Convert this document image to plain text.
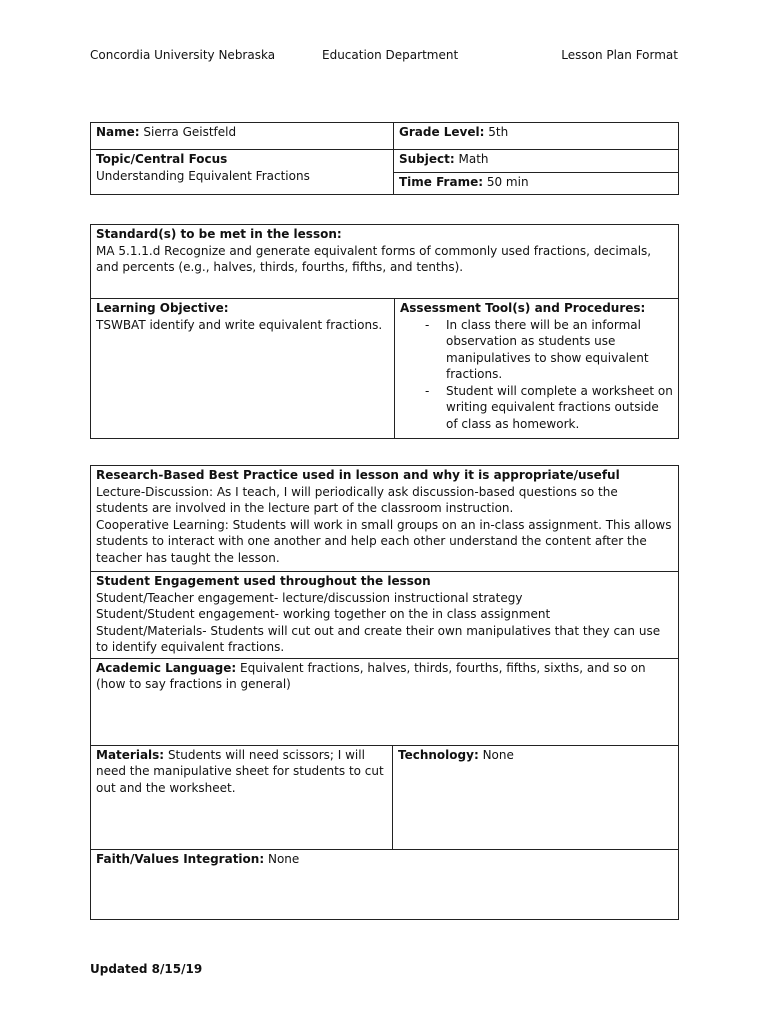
Concordia University Nebraska	Education Department	Lesson Plan Format
Name: Sierra Geistfeld	Grade Level: 5th

Topic/Central Focus
Understanding Equivalent Fractions	Subject: Math
	Time Frame: 50 min
Standard(s) to be met in the lesson:
MA 5.1.1.d Recognize and generate equivalent forms of commonly used fractions, decimals, and percents (e.g., halves, thirds, fourths, fifths, and tenths).

Learning Objective:
TSWBAT identify and write equivalent fractions.

Assessment Tool(s) and Procedures:
- In class there will be an informal observation as students use manipulatives to show equivalent fractions.
- Student will complete a worksheet on writing equivalent fractions outside of class as homework.
Research-Based Best Practice used in lesson and why it is appropriate/useful
Lecture-Discussion: As I teach, I will periodically ask discussion-based questions so the students are involved in the lecture part of the classroom instruction.
Cooperative Learning: Students will work in small groups on an in-class assignment. This allows students to interact with one another and help each other understand the content after the teacher has taught the lesson.

Student Engagement used throughout the lesson
Student/Teacher engagement- lecture/discussion instructional strategy
Student/Student engagement- working together on the in class assignment
Student/Materials- Students will cut out and create their own manipulatives that they can use to identify equivalent fractions.

Academic Language: Equivalent fractions, halves, thirds, fourths, fifths, sixths, and so on (how to say fractions in general)
Materials: Students will need scissors; I will need the manipulative sheet for students to cut out and the worksheet.	Technology: None
Faith/Values Integration: None
Updated 8/15/19
